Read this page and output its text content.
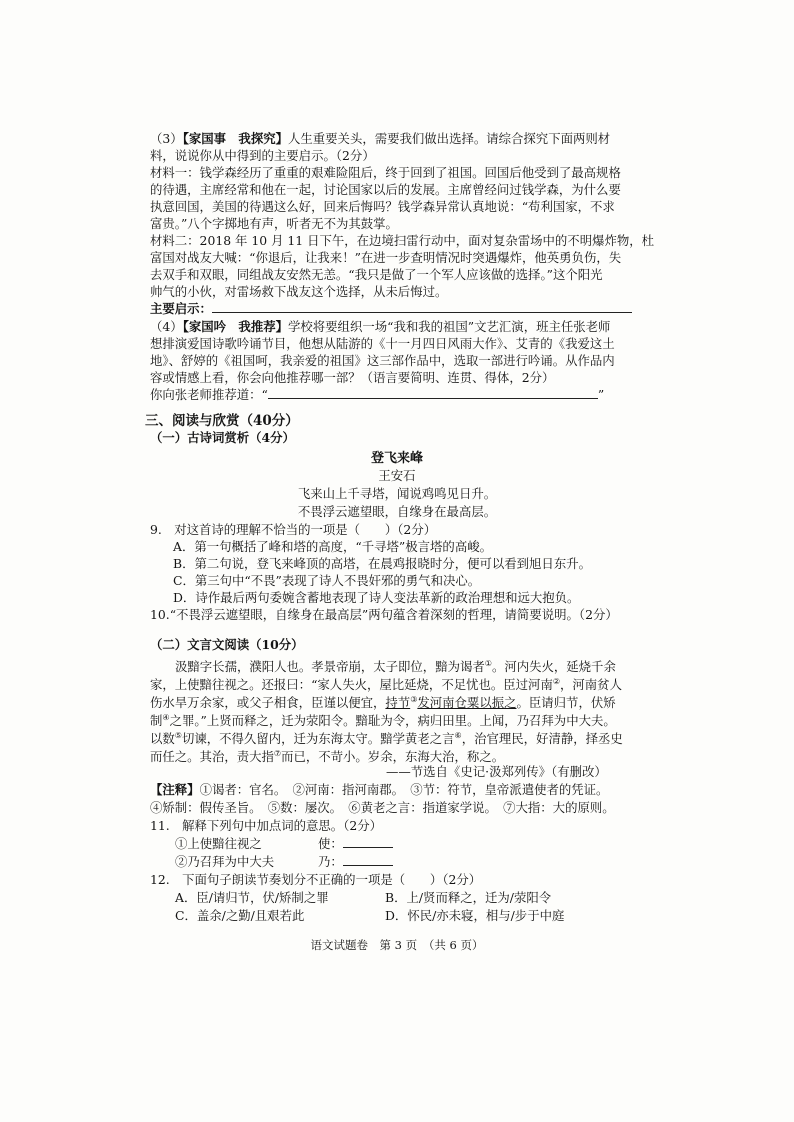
（3）【家国事　我探究】人生重要关头，需要我们做出选择。请综合探究下面两则材
料，说说你从中得到的主要启示。（2分）
材料一：钱学森经历了重重的艰难险阻后，终于回到了祖国。回国后他受到了最高规格
的待遇，主席经常和他在一起，讨论国家以后的发展。主席曾经问过钱学森，为什么要
执意回国，美国的待遇这么好，回来后悔吗？钱学森异常认真地说：“苟利国家，不求
富贵。”八个字掷地有声，听者无不为其鼓掌。
材料二：2018 年 10 月 11 日下午，在边境扫雷行动中，面对复杂雷场中的不明爆炸物，杜
富国对战友大喊：“你退后，让我来！”在进一步查明情况时突遇爆炸，他英勇负伤，失
去双手和双眼，同组战友安然无恙。“我只是做了一个军人应该做的选择。”这个阳光
帅气的小伙，对雷场救下战友这个选择，从未后悔过。
主要启示：
（4）【家国吟　我推荐】学校将要组织一场“我和我的祖国”文艺汇演，班主任张老师
想排演爱国诗歌吟诵节目，他想从陆游的《十一月四日风雨大作》、艾青的《我爱这土
地》、舒婷的《祖国呵，我亲爱的祖国》这三部作品中，选取一部进行吟诵。从作品内
容或情感上看，你会向他推荐哪一部？（语言要简明、连贯、得体，2分）
你向张老师推荐道：“	”
三、阅读与欣赏（40分）
（一）古诗词赏析（4分）
登飞来峰
王安石
飞来山上千寻塔，闻说鸡鸣见日升。
不畏浮云遮望眼，自缘身在最高层。
9.　对这首诗的理解不恰当的一项是（　　）（2分）
A．第一句概括了峰和塔的高度，“千寻塔”极言塔的高峻。
B．第二句说，登飞来峰顶的高塔，在晨鸡报晓时分，便可以看到旭日东升。
C．第三句中“不畏”表现了诗人不畏奸邪的勇气和决心。
D．诗作最后两句委婉含蓄地表现了诗人变法革新的政治理想和远大抱负。
10.“不畏浮云遮望眼，自缘身在最高层”两句蕴含着深刻的哲理，请简要说明。（2分）
（二）文言文阅读（10分）
汲黯字长孺，濮阳人也。孝景帝崩，太子即位，黯为谒者①。河内失火，延烧千余
家，上使黯往视之。还报曰：“家人失火，屋比延烧，不足忧也。臣过河南②，河南贫人
伤水旱万余家，或父子相食，臣谨以便宜，持节③发河南仓粟以振之。臣请归节，伏矫
制④之罪。”上贤而释之，迁为荥阳令。黯耻为令，病归田里。上闻，乃召拜为中大夫。
以数⑤切谏，不得久留内，迁为东海太守。黯学黄老之言⑥，治官理民，好清静，择丞史
而任之。其治，责大指⑦而已，不苛小。岁余，东海大治，称之。
——节选自《史记·汲郑列传》（有删改）
【注释】①谒者：官名。　②河南：指河南郡。　③节：符节，皇帝派遣使者的凭证。
④矫制：假传圣旨。　⑤数：屡次。　⑥黄老之言：指道家学说。　⑦大指：大的原则。
11.　解释下列句中加点词的意思。（2分）
①上使黯往视之	使：
②乃召拜为中大夫	乃：
12.　下面句子朗读节奏划分不正确的一项是（　　）（2分）
A．臣/请归节，伏/矫制之罪	B．上/贤而释之，迁为/荥阳令
C．盖余/之勤/且艰若此	D．怀民/亦未寝，相与/步于中庭
语文试题卷　第 3 页　（共 6 页）
